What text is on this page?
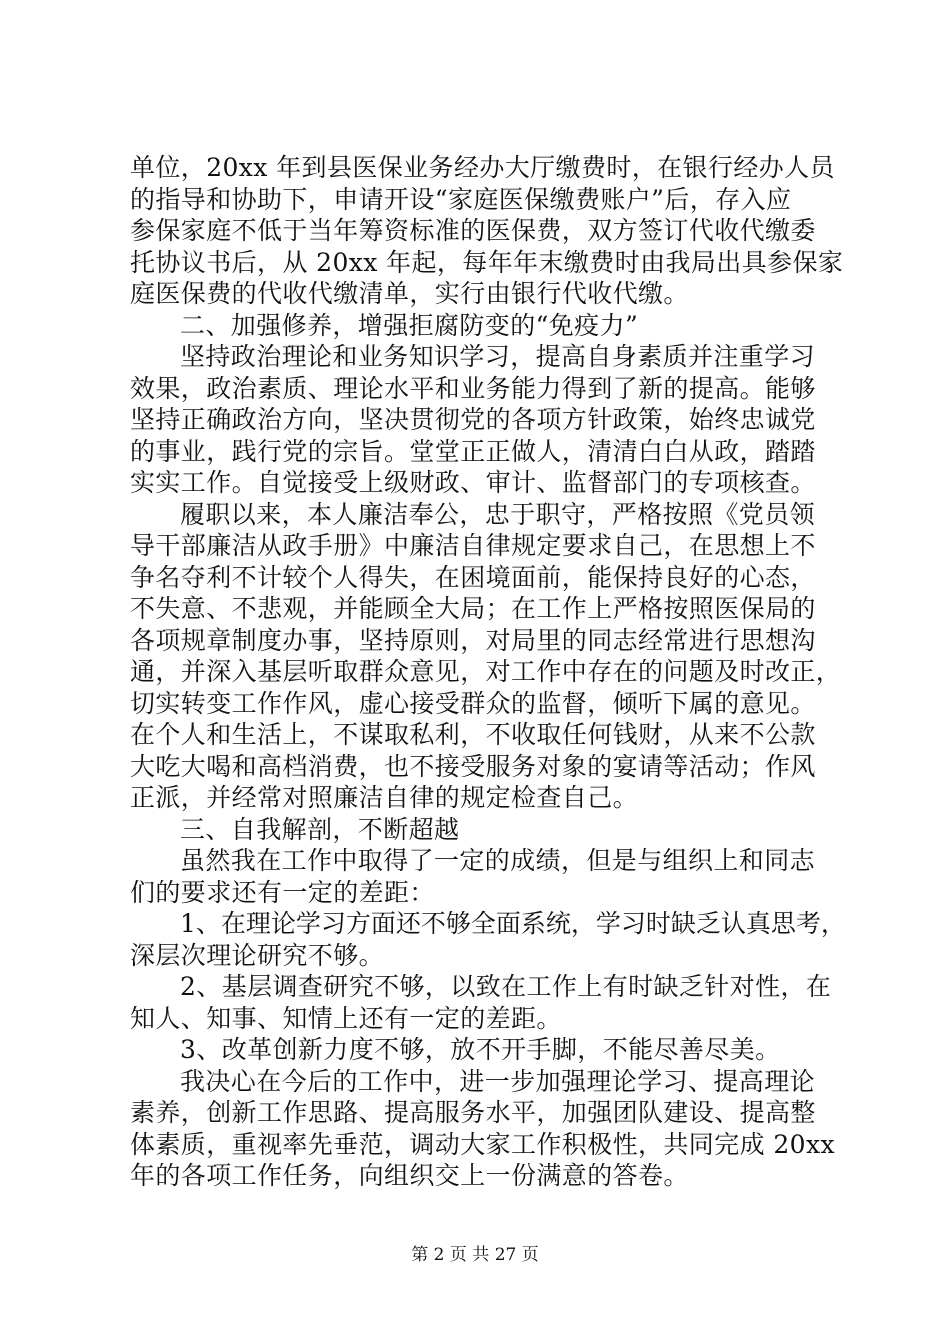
单位，20xx 年到县医保业务经办大厅缴费时，在银行经办人员
的指导和协助下，申请开设“家庭医保缴费账户”后，存入应
参保家庭不低于当年筹资标准的医保费，双方签订代收代缴委
托协议书后，从 20xx 年起，每年年末缴费时由我局出具参保家
庭医保费的代收代缴清单，实行由银行代收代缴。
二、加强修养，增强拒腐防变的“免疫力”
坚持政治理论和业务知识学习，提高自身素质并注重学习
效果，政治素质、理论水平和业务能力得到了新的提高。能够
坚持正确政治方向，坚决贯彻党的各项方针政策，始终忠诚党
的事业，践行党的宗旨。堂堂正正做人，清清白白从政，踏踏
实实工作。自觉接受上级财政、审计、监督部门的专项核查。
履职以来，本人廉洁奉公，忠于职守，严格按照《党员领
导干部廉洁从政手册》中廉洁自律规定要求自己，在思想上不
争名夺利不计较个人得失，在困境面前，能保持良好的心态，
不失意、不悲观，并能顾全大局；在工作上严格按照医保局的
各项规章制度办事，坚持原则，对局里的同志经常进行思想沟
通，并深入基层听取群众意见，对工作中存在的问题及时改正，
切实转变工作作风，虚心接受群众的监督，倾听下属的意见。
在个人和生活上，不谋取私利，不收取任何钱财，从来不公款
大吃大喝和高档消费，也不接受服务对象的宴请等活动；作风
正派，并经常对照廉洁自律的规定检查自己。
三、自我解剖，不断超越
虽然我在工作中取得了一定的成绩，但是与组织上和同志
们的要求还有一定的差距：
1、在理论学习方面还不够全面系统，学习时缺乏认真思考，
深层次理论研究不够。
2、基层调查研究不够，以致在工作上有时缺乏针对性，在
知人、知事、知情上还有一定的差距。
3、改革创新力度不够，放不开手脚，不能尽善尽美。
我决心在今后的工作中，进一步加强理论学习、提高理论
素养，创新工作思路、提高服务水平，加强团队建设、提高整
体素质，重视率先垂范，调动大家工作积极性，共同完成 20xx
年的各项工作任务，向组织交上一份满意的答卷。
第 2 页 共 27 页
